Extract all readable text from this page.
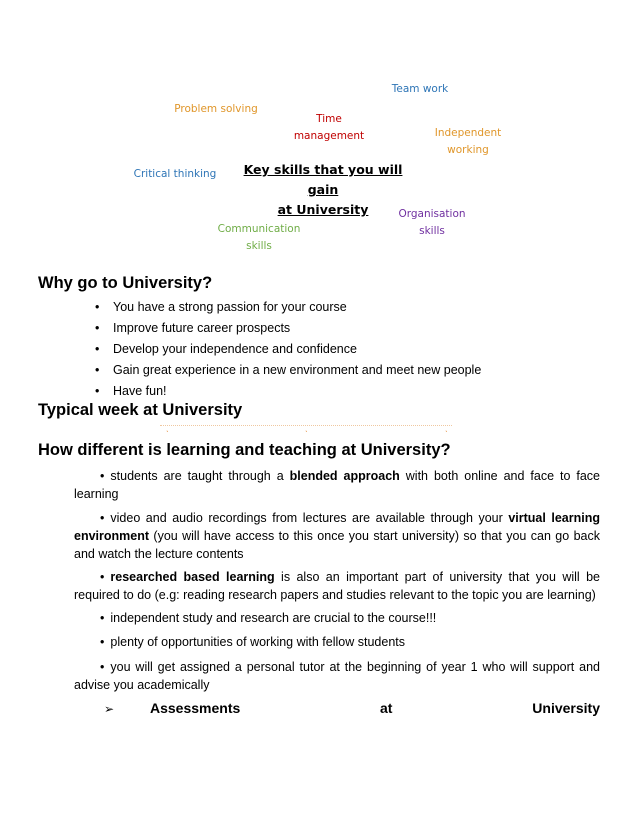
Key skills that you will gain
at University
Team work
Problem solving
Time
management	Independent
working
Critical thinking
Organisation
skills
Communication
skills
Why go to University?
• You have a strong passion for your course
• Improve future career prospects
• Develop your independence and confidence
• Gain great experience in a new environment and meet new people
• Have fun!
Typical week at University
ˎ	ˎ	ˎ
How different is learning and teaching at University?
• students are taught through a blended approach with both online and face to face learning
• video and audio recordings from lectures are available through your virtual learning environment (you will have access to this once you start university) so that you can go back and watch the lecture contents
• researched based learning is also an important part of university that you will be required to do (e.g: reading research papers and studies relevant to the topic you are learning)
• independent study and research are crucial to the course!!!
• plenty of opportunities of working with fellow students
• you will get assigned a personal tutor at the beginning of year 1 who will support and advise you academically
➢	Assessments	at	University
